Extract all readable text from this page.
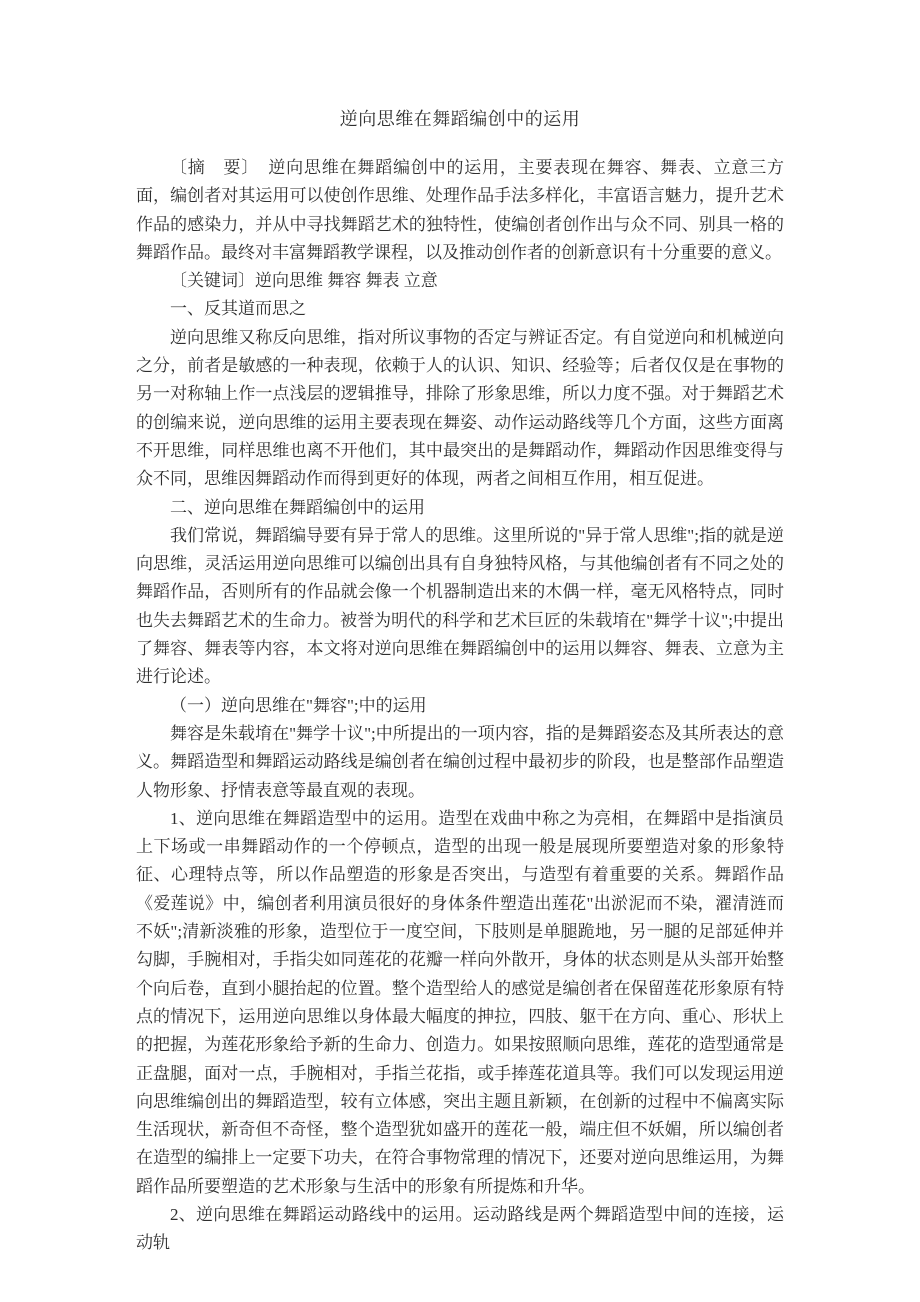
逆向思维在舞蹈编创中的运用

〔摘　要〕　逆向思维在舞蹈编创中的运用，主要表现在舞容、舞表、立意三方面，编创者对其运用可以使创作思维、处理作品手法多样化，丰富语言魅力，提升艺术作品的感染力，并从中寻找舞蹈艺术的独特性，使编创者创作出与众不同、别具一格的舞蹈作品。最终对丰富舞蹈教学课程，以及推动创作者的创新意识有十分重要的意义。

〔关键词〕逆向思维 舞容 舞表 立意

一、反其道而思之

逆向思维又称反向思维，指对所议事物的否定与辨证否定。有自觉逆向和机械逆向之分，前者是敏感的一种表现，依赖于人的认识、知识、经验等；后者仅仅是在事物的另一对称轴上作一点浅层的逻辑推导，排除了形象思维，所以力度不强。对于舞蹈艺术的创编来说，逆向思维的运用主要表现在舞姿、动作运动路线等几个方面，这些方面离不开思维，同样思维也离不开他们，其中最突出的是舞蹈动作，舞蹈动作因思维变得与众不同，思维因舞蹈动作而得到更好的体现，两者之间相互作用，相互促进。

二、逆向思维在舞蹈编创中的运用

我们常说，舞蹈编导要有异于常人的思维。这里所说的"异于常人思维";指的就是逆向思维，灵活运用逆向思维可以编创出具有自身独特风格，与其他编创者有不同之处的舞蹈作品，否则所有的作品就会像一个机器制造出来的木偶一样，毫无风格特点，同时也失去舞蹈艺术的生命力。被誉为明代的科学和艺术巨匠的朱载堉在"舞学十议";中提出了舞容、舞表等内容，本文将对逆向思维在舞蹈编创中的运用以舞容、舞表、立意为主进行论述。

（一）逆向思维在"舞容";中的运用

舞容是朱载堉在"舞学十议";中所提出的一项内容，指的是舞蹈姿态及其所表达的意义。舞蹈造型和舞蹈运动路线是编创者在编创过程中最初步的阶段，也是整部作品塑造人物形象、抒情表意等最直观的表现。

1、逆向思维在舞蹈造型中的运用。造型在戏曲中称之为亮相，在舞蹈中是指演员上下场或一串舞蹈动作的一个停顿点，造型的出现一般是展现所要塑造对象的形象特征、心理特点等，所以作品塑造的形象是否突出，与造型有着重要的关系。舞蹈作品《爱莲说》中，编创者利用演员很好的身体条件塑造出莲花"出淤泥而不染，濯清涟而不妖";清新淡雅的形象，造型位于一度空间，下肢则是单腿跪地，另一腿的足部延伸并勾脚，手腕相对，手指尖如同莲花的花瓣一样向外散开，身体的状态则是从头部开始整个向后卷，直到小腿抬起的位置。整个造型给人的感觉是编创者在保留莲花形象原有特点的情况下，运用逆向思维以身体最大幅度的抻拉，四肢、躯干在方向、重心、形状上的把握，为莲花形象给予新的生命力、创造力。如果按照顺向思维，莲花的造型通常是正盘腿，面对一点，手腕相对，手指兰花指，或手捧莲花道具等。我们可以发现运用逆向思维编创出的舞蹈造型，较有立体感，突出主题且新颖，在创新的过程中不偏离实际生活现状，新奇但不奇怪，整个造型犹如盛开的莲花一般，端庄但不妖媚，所以编创者在造型的编排上一定要下功夫，在符合事物常理的情况下，还要对逆向思维运用，为舞蹈作品所要塑造的艺术形象与生活中的形象有所提炼和升华。

2、逆向思维在舞蹈运动路线中的运用。运动路线是两个舞蹈造型中间的连接，运动轨
